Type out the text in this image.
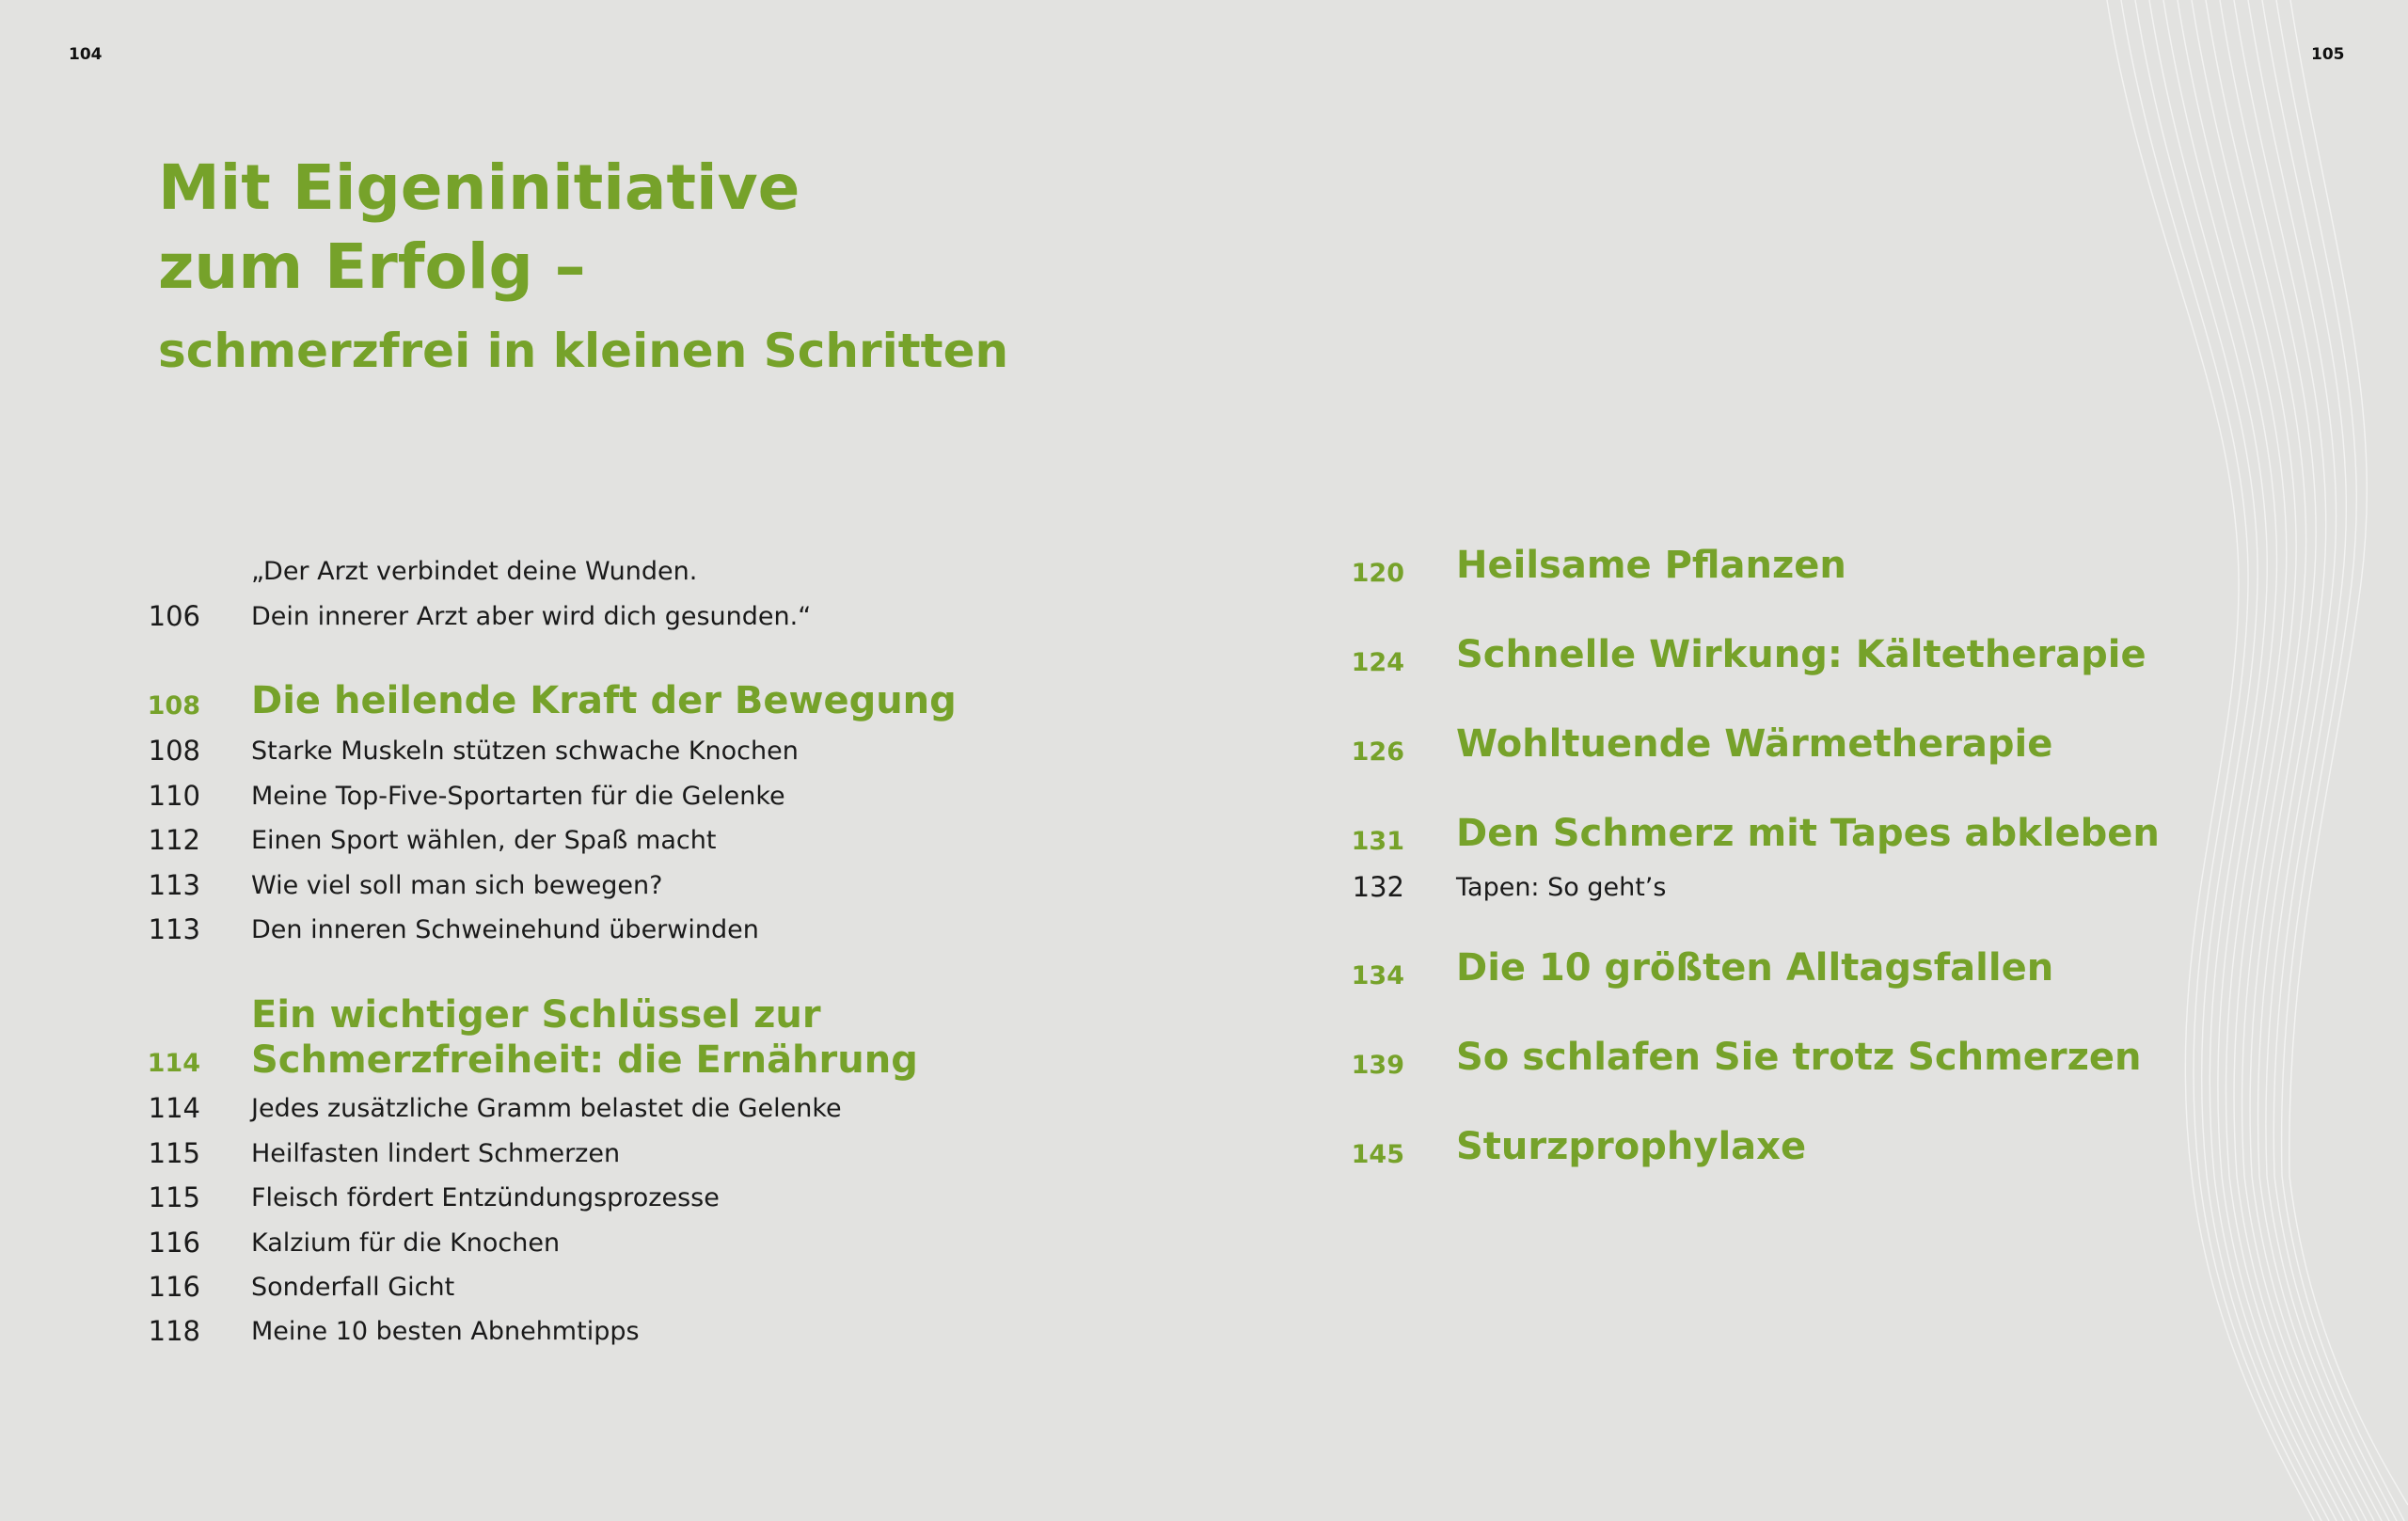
104	105
Mit Eigeninitiative
zum Erfolg –
schmerzfrei in kleinen Schritten
„Der Arzt verbindet deine Wunden.
106 Dein innerer Arzt aber wird dich gesunden.“
108 Die heilende Kraft der Bewegung
108 Starke Muskeln stützen schwache Knochen
110 Meine Top-Five-Sportarten für die Gelenke
112 Einen Sport wählen, der Spaß macht
113 Wie viel soll man sich bewegen?
113 Den inneren Schweinehund überwinden
Ein wichtiger Schlüssel zur
114 Schmerzfreiheit: die Ernährung
114 Jedes zusätzliche Gramm belastet die Gelenke
115 Heilfasten lindert Schmerzen
115 Fleisch fördert Entzündungsprozesse
116 Kalzium für die Knochen
116 Sonderfall Gicht
118 Meine 10 besten Abnehmtipps
120 Heilsame Pflanzen
124 Schnelle Wirkung: Kältetherapie
126 Wohltuende Wärmetherapie
131 Den Schmerz mit Tapes abkleben
132 Tapen: So geht’s
134 Die 10 größten Alltagsfallen
139 So schlafen Sie trotz Schmerzen
145 Sturzprophylaxe
